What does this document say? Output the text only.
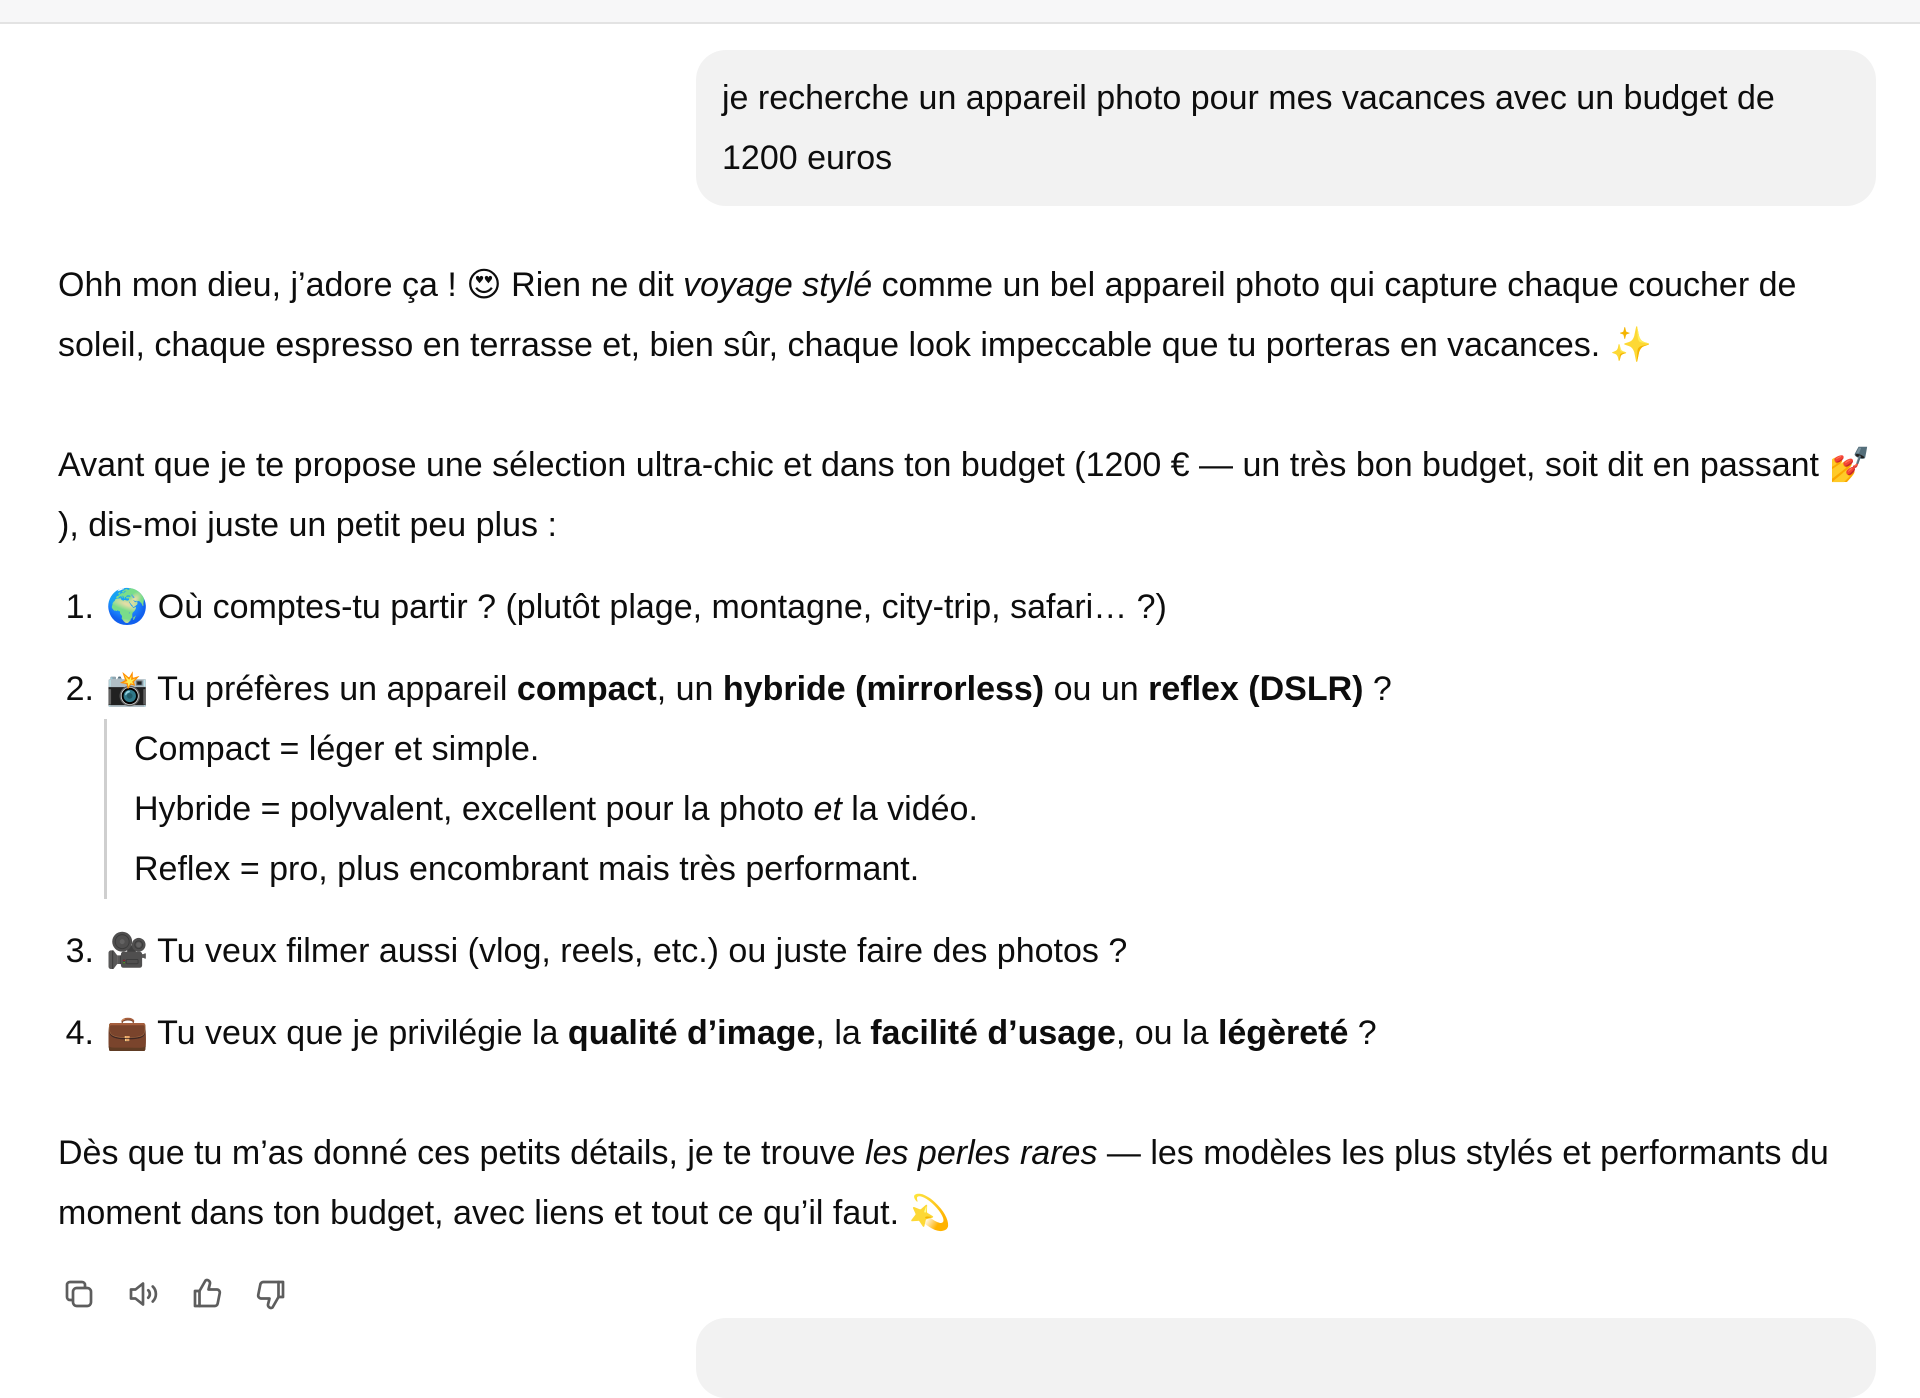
je recherche un appareil photo pour mes vacances avec un budget de 1200 euros

Ohh mon dieu, j’adore ça ! 😍 Rien ne dit voyage stylé comme un bel appareil photo qui capture chaque coucher de soleil, chaque espresso en terrasse et, bien sûr, chaque look impeccable que tu porteras en vacances. ✨

Avant que je te propose une sélection ultra-chic et dans ton budget (1200 € — un très bon budget, soit dit en passant 💅), dis-moi juste un petit peu plus :

1. 🌍 Où comptes-tu partir ? (plutôt plage, montagne, city-trip, safari… ?)
2. 📸 Tu préfères un appareil compact, un hybride (mirrorless) ou un reflex (DSLR) ?
Compact = léger et simple.
Hybride = polyvalent, excellent pour la photo et la vidéo.
Reflex = pro, plus encombrant mais très performant.
3. 🎥 Tu veux filmer aussi (vlog, reels, etc.) ou juste faire des photos ?
4. 💼 Tu veux que je privilégie la qualité d’image, la facilité d’usage, ou la légèreté ?

Dès que tu m’as donné ces petits détails, je te trouve les perles rares — les modèles les plus stylés et performants du moment dans ton budget, avec liens et tout ce qu’il faut. 💫
